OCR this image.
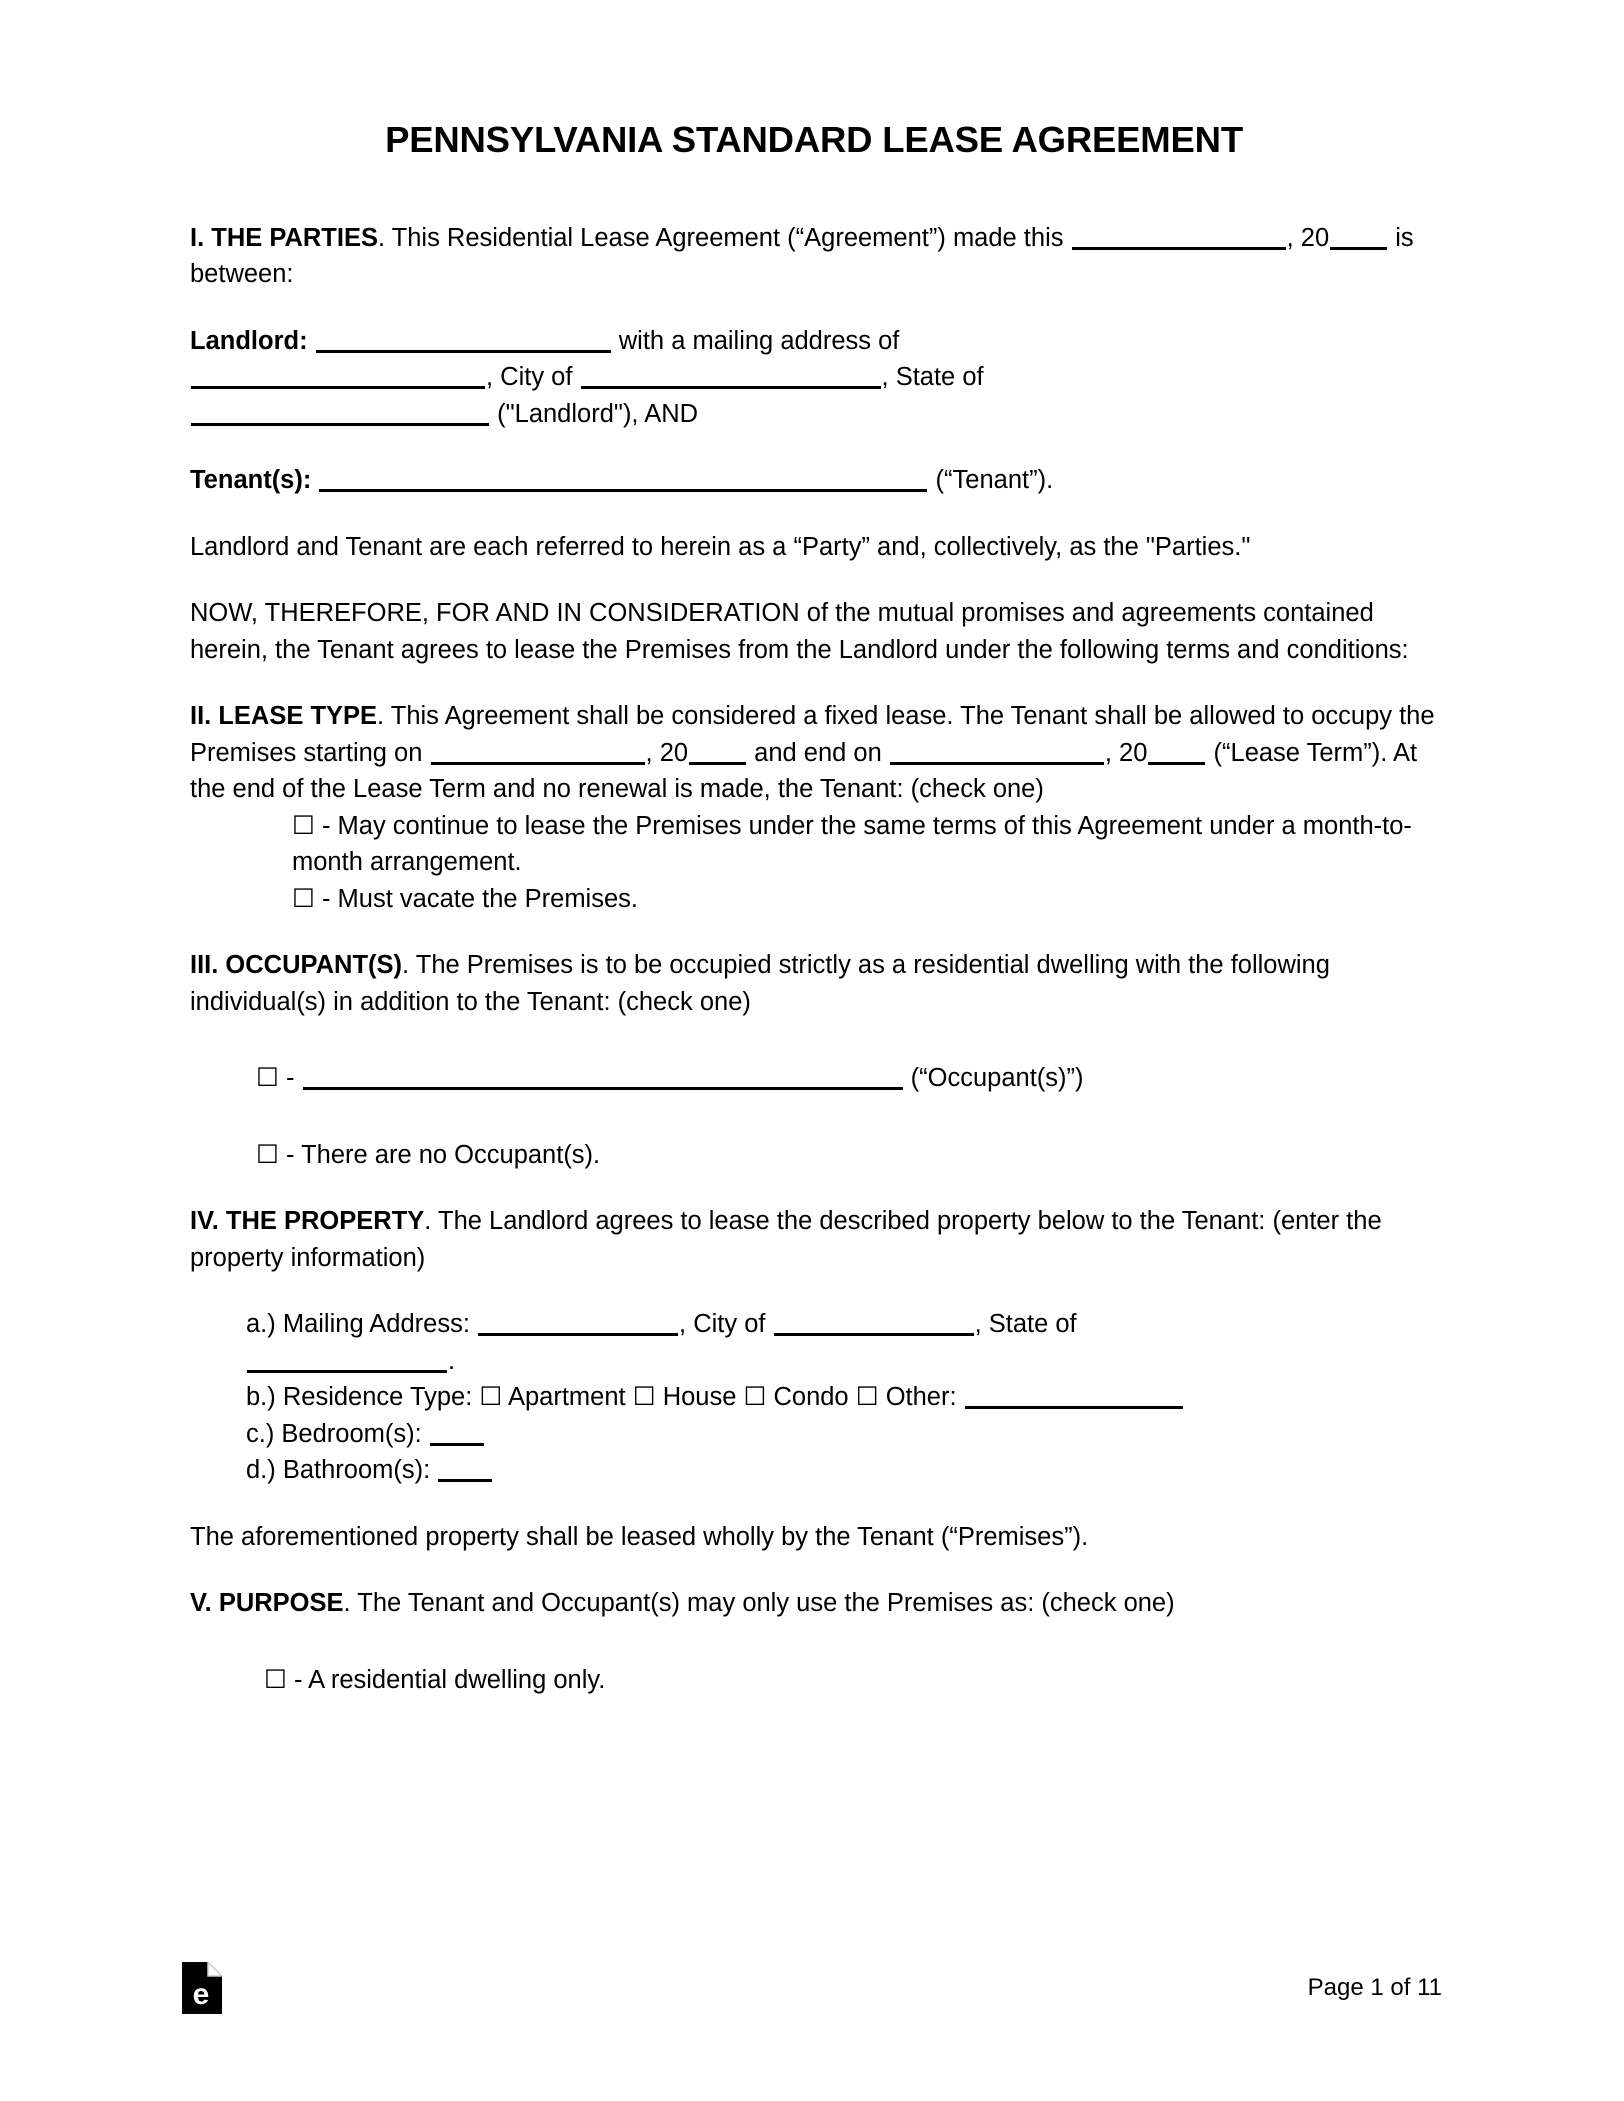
PENNSYLVANIA STANDARD LEASE AGREEMENT

I. THE PARTIES. This Residential Lease Agreement (“Agreement”) made this	, 20 is between:

Landlord:	with a mailing address of
, City of	, State of
("Landlord"), AND

Tenant(s):	(“Tenant”).

Landlord and Tenant are each referred to herein as a “Party” and, collectively, as the "Parties."

NOW, THEREFORE, FOR AND IN CONSIDERATION of the mutual promises and agreements contained herein, the Tenant agrees to lease the Premises from the Landlord under the following terms and conditions:

II. LEASE TYPE. This Agreement shall be considered a fixed lease. The Tenant shall be allowed to occupy the Premises starting on	, 20 and end on	, 20 (“Lease Term”). At the end of the Lease Term and no renewal is made, the Tenant: (check one)

☐ - May continue to lease the Premises under the same terms of this Agreement under a month-to-month arrangement.

☐ - Must vacate the Premises.

III. OCCUPANT(S). The Premises is to be occupied strictly as a residential dwelling with the following individual(s) in addition to the Tenant: (check one)

☐ -	(“Occupant(s)”)

☐ - There are no Occupant(s).

IV. THE PROPERTY. The Landlord agrees to lease the described property below to the Tenant: (enter the property information)

a.) Mailing Address:	, City of	, State of
.

b.) Residence Type: ☐ Apartment ☐ House ☐ Condo ☐ Other:

c.) Bedroom(s):

d.) Bathroom(s):

The aforementioned property shall be leased wholly by the Tenant (“Premises”).

V. PURPOSE. The Tenant and Occupant(s) may only use the Premises as: (check one)

☐ - A residential dwelling only.

e	Page 1 of 11
